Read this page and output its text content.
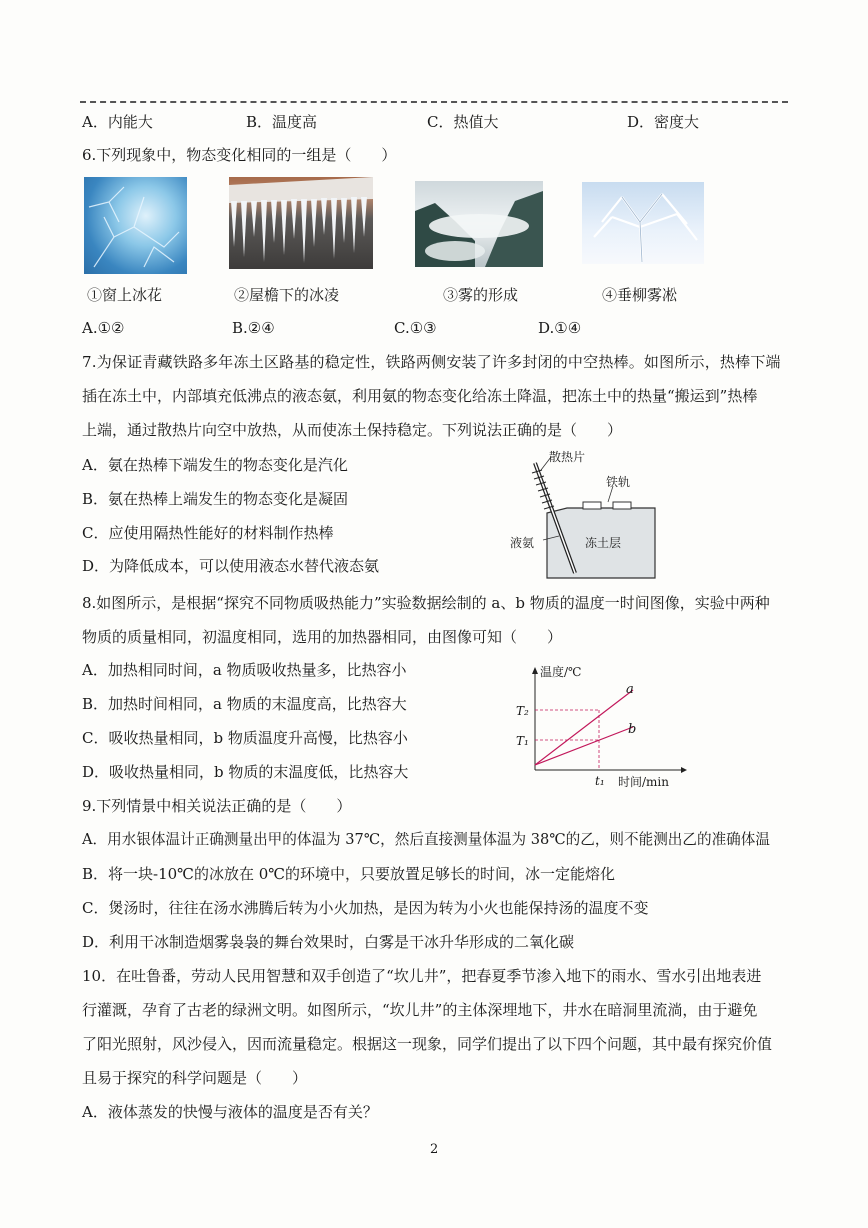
A．内能大	B．温度高	C．热值大	D．密度大
6.下列现象中，物态变化相同的一组是（　　）
①窗上冰花	②屋檐下的冰凌	③雾的形成	④垂柳雾凇
A.①②	B.②④	C.①③	D.①④
7.为保证青藏铁路多年冻土区路基的稳定性，铁路两侧安装了许多封闭的中空热棒。如图所示，热棒下端
插在冻土中，内部填充低沸点的液态氨，利用氨的物态变化给冻土降温，把冻土中的热量“搬运到”热棒
上端，通过散热片向空中放热，从而使冻土保持稳定。下列说法正确的是（　　）
A．氨在热棒下端发生的物态变化是汽化
B．氨在热棒上端发生的物态变化是凝固
C．应使用隔热性能好的材料制作热棒
D．为降低成本，可以使用液态水替代液态氨
散热片
铁轨
液氨	冻土层
8.如图所示，是根据“探究不同物质吸热能力”实验数据绘制的 a、b 物质的温度一时间图像，实验中两种
物质的质量相同，初温度相同，选用的加热器相同，由图像可知（　　）
A．加热相同时间，a 物质吸收热量多，比热容小
B．加热时间相同，a 物质的末温度高，比热容大
C．吸收热量相同，b 物质温度升高慢，比热容小
D．吸收热量相同，b 物质的末温度低，比热容大
温度/℃
时间/min
a
b
T₂
T₁
t₁
9.下列情景中相关说法正确的是（　　）
A．用水银体温计正确测量出甲的体温为 37℃，然后直接测量体温为 38℃的乙，则不能测出乙的准确体温
B．将一块-10℃的冰放在 0℃的环境中，只要放置足够长的时间，冰一定能熔化
C．煲汤时，往往在汤水沸腾后转为小火加热，是因为转为小火也能保持汤的温度不变
D．利用干冰制造烟雾袅袅的舞台效果时，白雾是干冰升华形成的二氧化碳
10．在吐鲁番，劳动人民用智慧和双手创造了“坎儿井”，把春夏季节渗入地下的雨水、雪水引出地表进
行灌溉，孕育了古老的绿洲文明。如图所示，“坎儿井”的主体深埋地下，井水在暗洞里流淌，由于避免
了阳光照射，风沙侵入，因而流量稳定。根据这一现象，同学们提出了以下四个问题，其中最有探究价值
且易于探究的科学问题是（　　）
A．液体蒸发的快慢与液体的温度是否有关？
2
